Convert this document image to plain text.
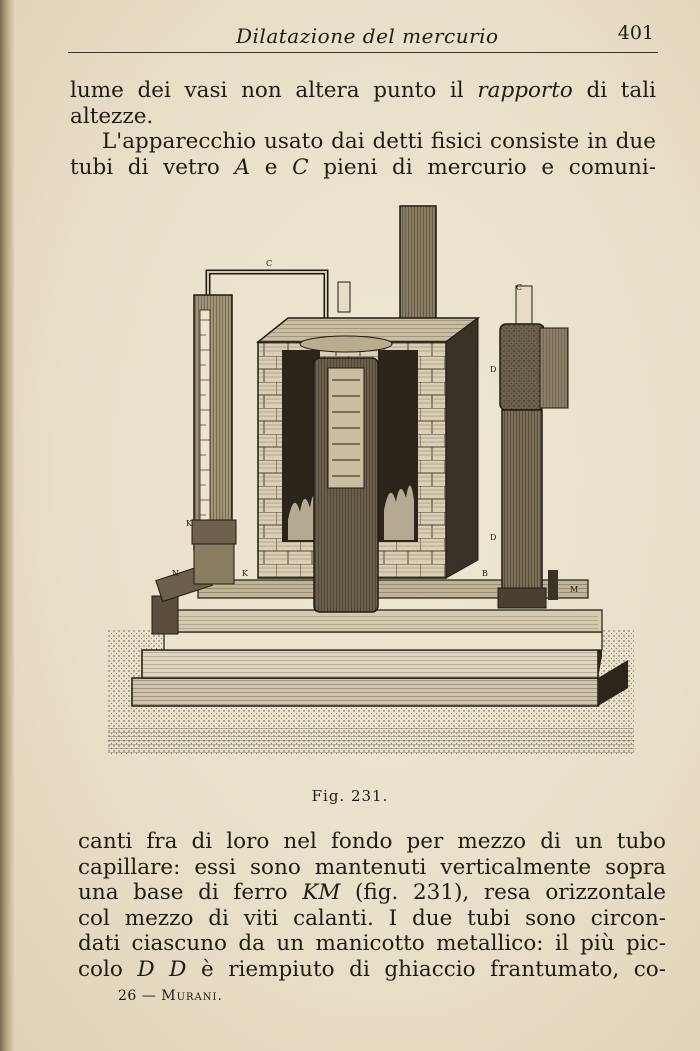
Dilatazione del mercurio	401
lume dei vasi non altera punto il rapporto di tali
altezze.
L'apparecchio usato dai detti fisici consiste in due
tubi di vetro A e C pieni di mercurio e comuni-
C
C
D
D
K
N	K	B
M
Fig. 231.
canti fra di loro nel fondo per mezzo di un tubo
capillare: essi sono mantenuti verticalmente sopra
una base di ferro KM (fig. 231), resa orizzontale
col mezzo di viti calanti. I due tubi sono circon-
dati ciascuno da un manicotto metallico: il più pic-
colo D D è riempiuto di ghiaccio frantumato, co-
26 — Murani.
